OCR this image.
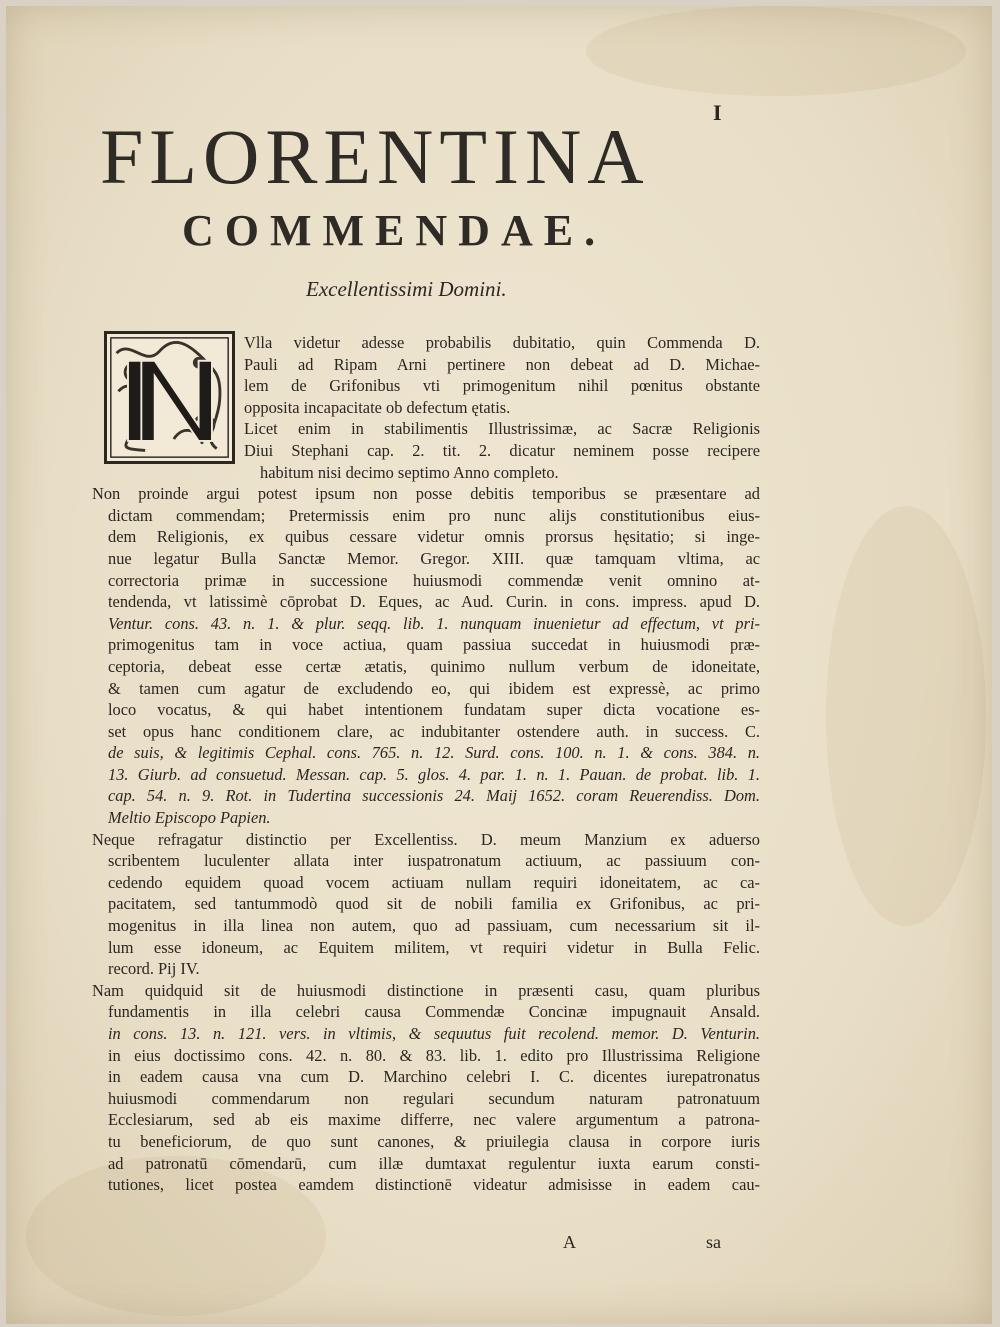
I
FLORENTINA
COMMENDAE.
Excellentissimi Domini.
Vlla videtur adesse probabilis dubitatio, quin Commenda D.
Pauli ad Ripam Arni pertinere non debeat ad D. Michae-
lem de Grifonibus vti primogenitum nihil pœnitus obstante
opposita incapacitate ob defectum ętatis.
Licet enim in stabilimentis Illustrissimæ, ac Sacræ Religionis
Diui Stephani cap. 2. tit. 2. dicatur neminem posse recipere
habitum nisi decimo septimo Anno completo.
Non proinde argui potest ipsum non posse debitis temporibus se præsentare ad
dictam commendam; Pretermissis enim pro nunc alijs constitutionibus eius-
dem Religionis, ex quibus cessare videtur omnis prorsus hęsitatio; si inge-
nue legatur Bulla Sanctæ Memor. Gregor. XIII. quæ tamquam vltima, ac
correctoria primæ in successione huiusmodi commendæ venit omnino at-
tendenda, vt latissimè cōprobat D. Eques, ac Aud. Curin. in cons. impress. apud D.
Ventur. cons. 43. n. 1. & plur. seqq. lib. 1. nunquam inuenietur ad effectum, vt pri-
primogenitus tam in voce actiua, quam passiua succedat in huiusmodi præ-
ceptoria, debeat esse certæ ætatis, quinimo nullum verbum de idoneitate,
& tamen cum agatur de excludendo eo, qui ibidem est expressè, ac primo
loco vocatus, & qui habet intentionem fundatam super dicta vocatione es-
set opus hanc conditionem clare, ac indubitanter ostendere auth. in success. C.
de suis, & legitimis Cephal. cons. 765. n. 12. Surd. cons. 100. n. 1. & cons. 384. n.
13. Giurb. ad consuetud. Messan. cap. 5. glos. 4. par. 1. n. 1. Pauan. de probat. lib. 1.
cap. 54. n. 9. Rot. in Tudertina successionis 24. Maij 1652. coram Reuerendiss. Dom.
Meltio Episcopo Papien.
Neque refragatur distinctio per Excellentiss. D. meum Manzium ex aduerso
scribentem luculenter allata inter iuspatronatum actiuum, ac passiuum con-
cedendo equidem quoad vocem actiuam nullam requiri idoneitatem, ac ca-
pacitatem, sed tantummodò quod sit de nobili familia ex Grifonibus, ac pri-
mogenitus in illa linea non autem, quo ad passiuam, cum necessarium sit il-
lum esse idoneum, ac Equitem militem, vt requiri videtur in Bulla Felic.
record. Pij IV.
Nam quidquid sit de huiusmodi distinctione in præsenti casu, quam pluribus
fundamentis in illa celebri causa Commendæ Concinæ impugnauit Ansald.
in cons. 13. n. 121. vers. in vltimis, & sequutus fuit recolend. memor. D. Venturin.
in eius doctissimo cons. 42. n. 80. & 83. lib. 1. edito pro Illustrissima Religione
in eadem causa vna cum D. Marchino celebri I. C. dicentes iurepatronatus
huiusmodi commendarum non regulari secundum naturam patronatuum
Ecclesiarum, sed ab eis maxime differre, nec valere argumentum a patrona-
tu beneficiorum, de quo sunt canones, & priuilegia clausa in corpore iuris
ad patronatū cōmendarū, cum illæ dumtaxat regulentur iuxta earum consti-
tutiones, licet postea eamdem distinctionē videatur admisisse in eadem cau-
A	sa
